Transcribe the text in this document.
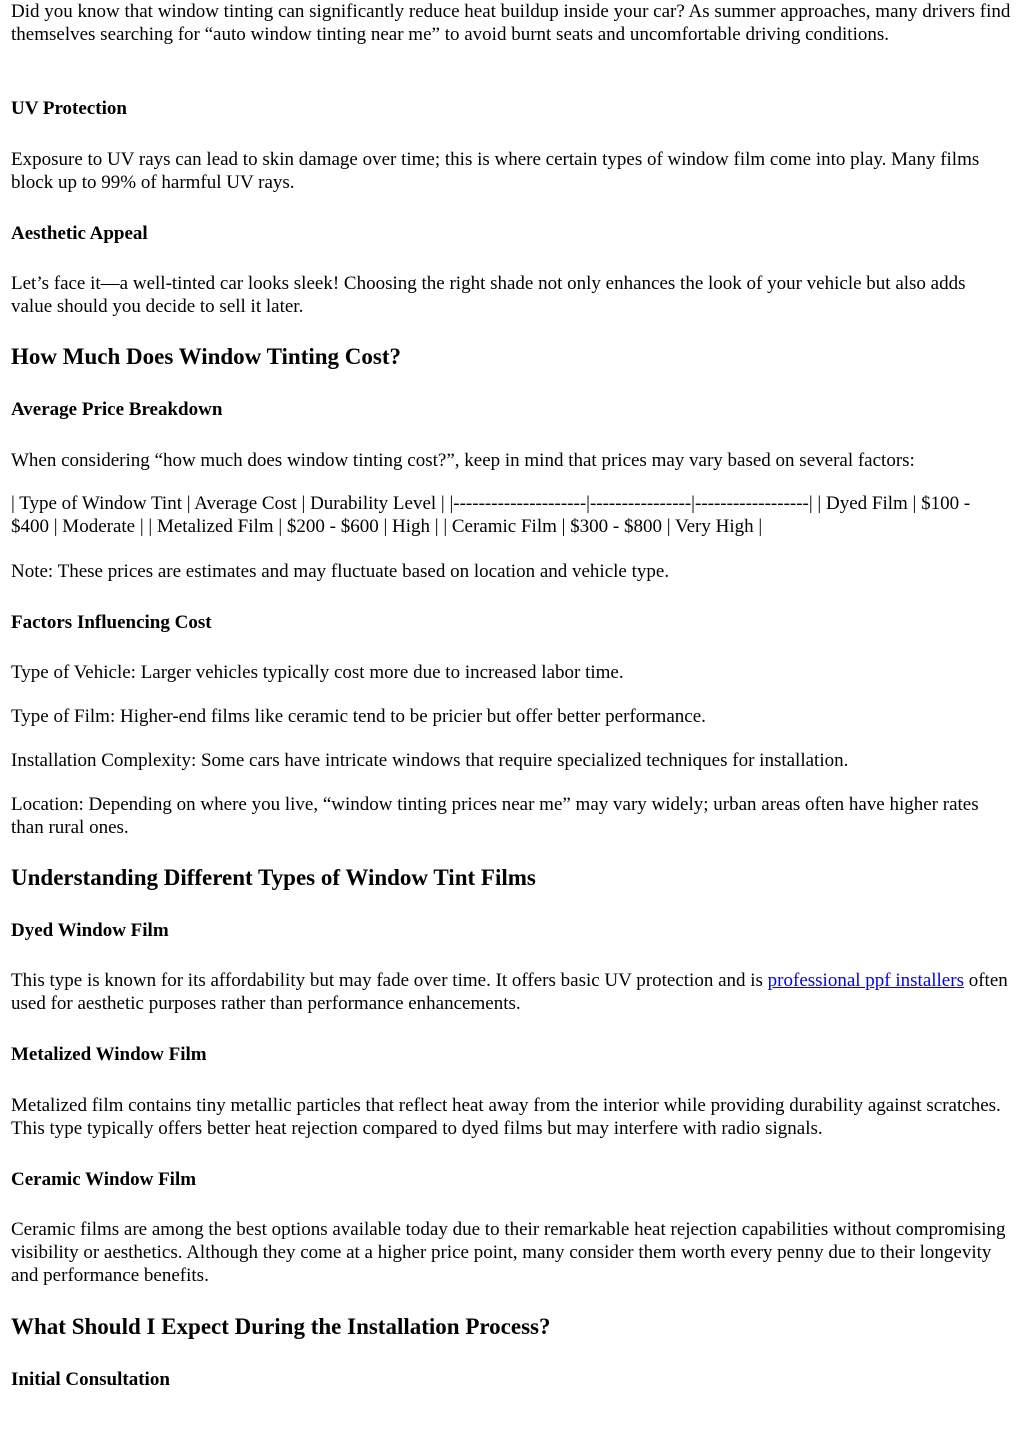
Did you know that window tinting can significantly reduce heat buildup inside your car? As summer approaches, many drivers find themselves searching for “auto window tinting near me” to avoid burnt seats and uncomfortable driving conditions.

UV Protection

Exposure to UV rays can lead to skin damage over time; this is where certain types of window film come into play. Many films block up to 99% of harmful UV rays.

Aesthetic Appeal

Let’s face it—a well-tinted car looks sleek! Choosing the right shade not only enhances the look of your vehicle but also adds value should you decide to sell it later.

How Much Does Window Tinting Cost?
Average Price Breakdown

When considering “how much does window tinting cost?”, keep in mind that prices may vary based on several factors:

| Type of Window Tint | Average Cost | Durability Level | |---------------------|----------------|------------------| | Dyed Film | $100 - $400 | Moderate | | Metalized Film | $200 - $600 | High | | Ceramic Film | $300 - $800 | Very High |

Note: These prices are estimates and may fluctuate based on location and vehicle type.

Factors Influencing Cost

Type of Vehicle: Larger vehicles typically cost more due to increased labor time.

Type of Film: Higher-end films like ceramic tend to be pricier but offer better performance.

Installation Complexity: Some cars have intricate windows that require specialized techniques for installation.

Location: Depending on where you live, “window tinting prices near me” may vary widely; urban areas often have higher rates than rural ones.

Understanding Different Types of Window Tint Films
Dyed Window Film

This type is known for its affordability but may fade over time. It offers basic UV protection and is professional ppf installers often used for aesthetic purposes rather than performance enhancements.

Metalized Window Film

Metalized film contains tiny metallic particles that reflect heat away from the interior while providing durability against scratches. This type typically offers better heat rejection compared to dyed films but may interfere with radio signals.

Ceramic Window Film

Ceramic films are among the best options available today due to their remarkable heat rejection capabilities without compromising visibility or aesthetics. Although they come at a higher price point, many consider them worth every penny due to their longevity and performance benefits.

What Should I Expect During the Installation Process?
Initial Consultation
